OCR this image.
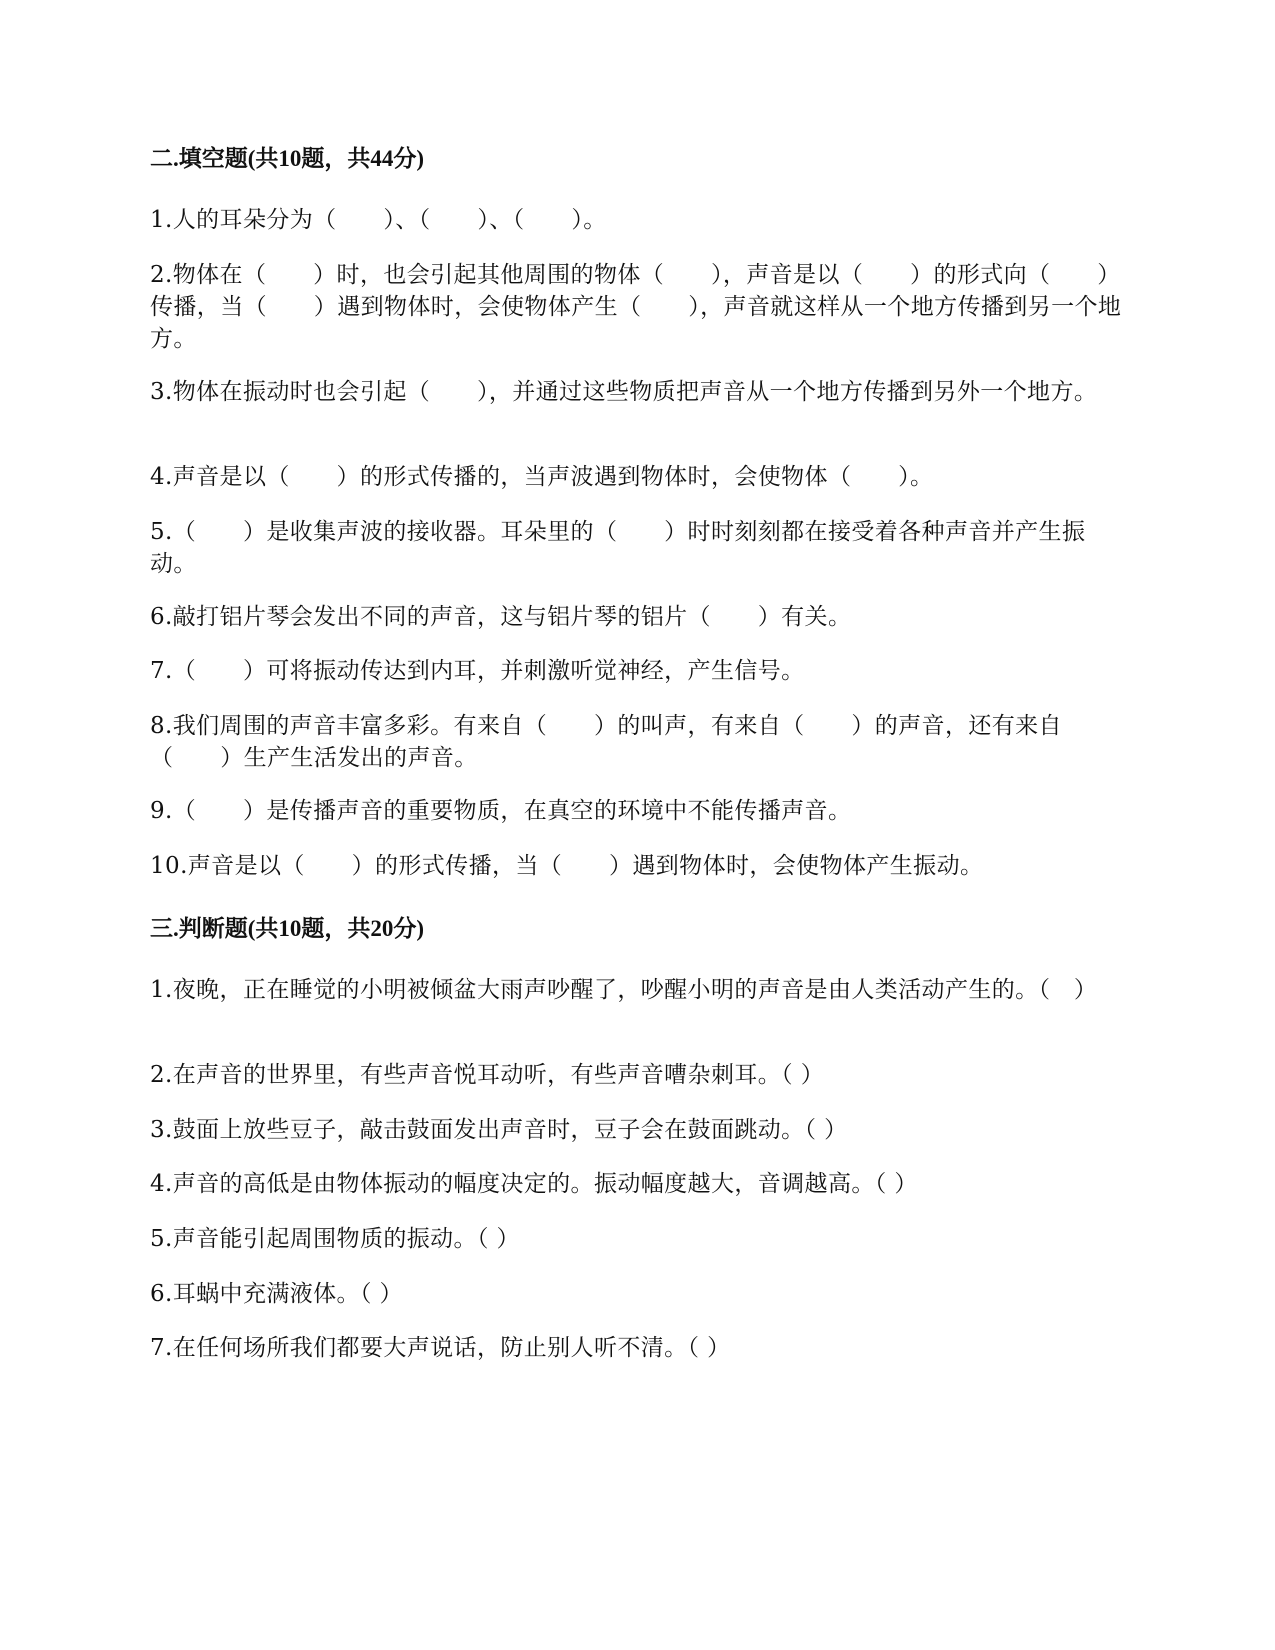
二.填空题(共10题，共44分)
1.人的耳朵分为（　　）、（　　）、（　　）。
2.物体在（　　）时，也会引起其他周围的物体（　　），声音是以（　　）的形式向（　　）传播，当（　　）遇到物体时，会使物体产生（　　），声音就这样从一个地方传播到另一个地方。
3.物体在振动时也会引起（　　），并通过这些物质把声音从一个地方传播到另外一个地方。
4.声音是以（　　）的形式传播的，当声波遇到物体时，会使物体（　　）。
5.（　　）是收集声波的接收器。耳朵里的（　　）时时刻刻都在接受着各种声音并产生振动。
6.敲打铝片琴会发出不同的声音，这与铝片琴的铝片（　　）有关。
7.（　　）可将振动传达到内耳，并刺激听觉神经，产生信号。
8.我们周围的声音丰富多彩。有来自（　　）的叫声，有来自（　　）的声音，还有来自（　　）生产生活发出的声音。
9.（　　）是传播声音的重要物质，在真空的环境中不能传播声音。
10.声音是以（　　）的形式传播，当（　　）遇到物体时，会使物体产生振动。
三.判断题(共10题，共20分)
1.夜晚，正在睡觉的小明被倾盆大雨声吵醒了，吵醒小明的声音是由人类活动产生的。（　）
2.在声音的世界里，有些声音悦耳动听，有些声音嘈杂刺耳。（ ）
3.鼓面上放些豆子，敲击鼓面发出声音时，豆子会在鼓面跳动。（ ）
4.声音的高低是由物体振动的幅度决定的。振动幅度越大，音调越高。（ ）
5.声音能引起周围物质的振动。（ ）
6.耳蜗中充满液体。（ ）
7.在任何场所我们都要大声说话，防止别人听不清。（ ）
